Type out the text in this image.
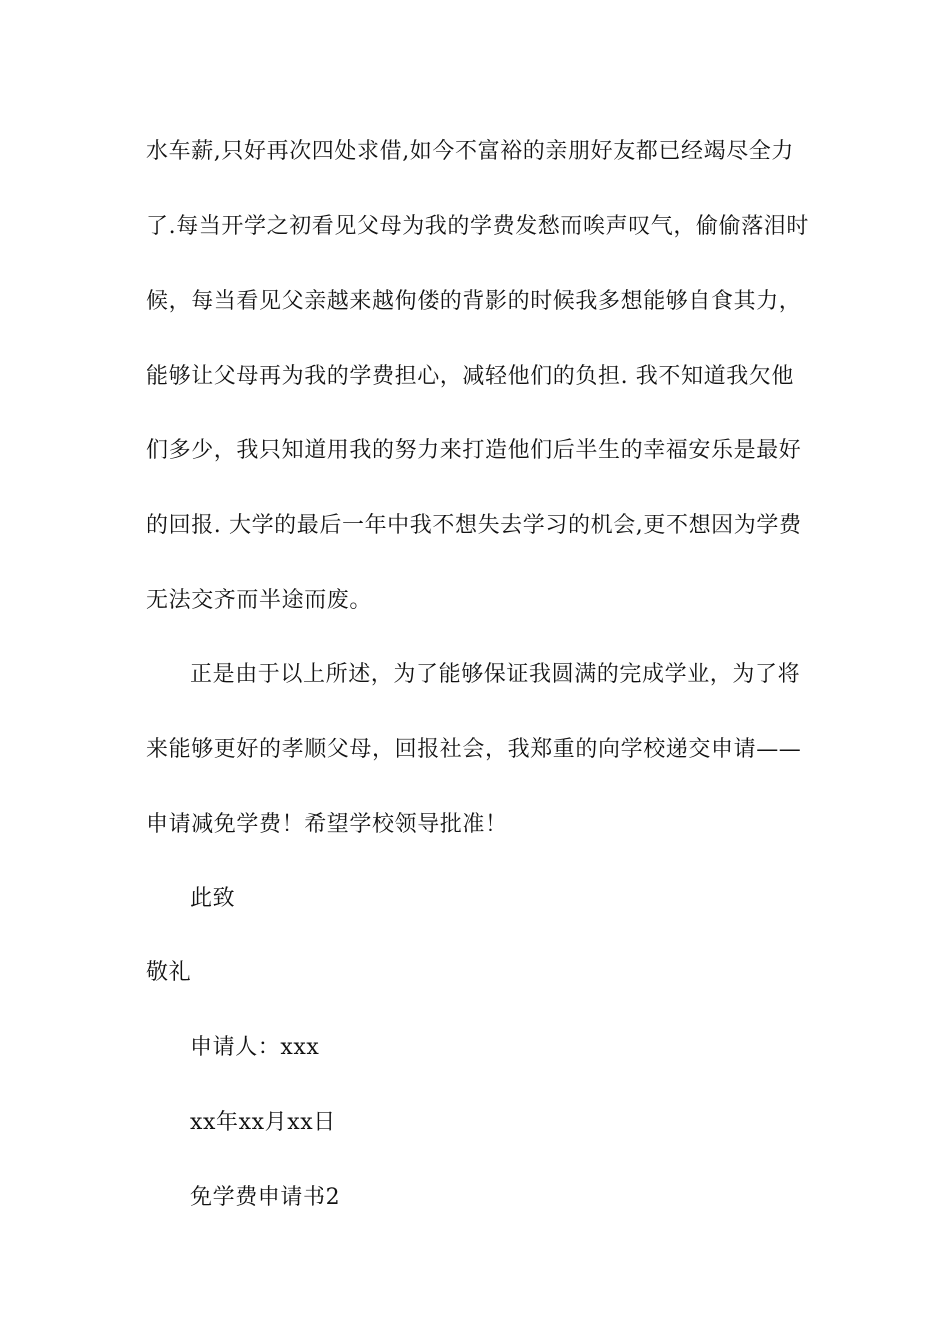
水车薪,只好再次四处求借,如今不富裕的亲朋好友都已经竭尽全力
了.每当开学之初看见父母为我的学费发愁而唉声叹气，偷偷落泪时
候，每当看见父亲越来越佝偻的背影的时候我多想能够自食其力，
能够让父母再为我的学费担心，减轻他们的负担. 我不知道我欠他
们多少，我只知道用我的努力来打造他们后半生的幸福安乐是最好
的回报. 大学的最后一年中我不想失去学习的机会,更不想因为学费
无法交齐而半途而废。
正是由于以上所述，为了能够保证我圆满的完成学业，为了将
来能够更好的孝顺父母，回报社会，我郑重的向学校递交申请——
申请减免学费！希望学校领导批准！
此致
敬礼
申请人：xxx
xx年xx月xx日
免学费申请书2
